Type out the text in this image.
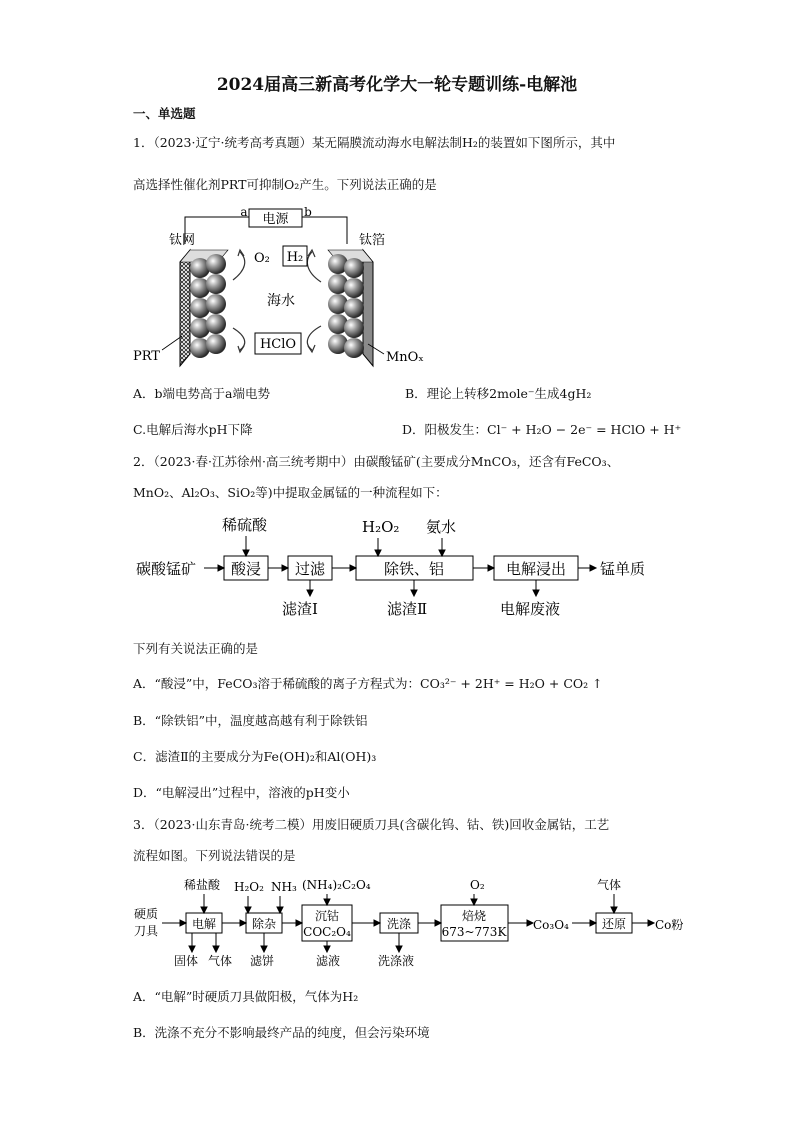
2024届高三新高考化学大一轮专题训练-电解池
一、单选题
1．（2023·辽宁·统考高考真题）某无隔膜流动海水电解法制H₂的装置如下图所示，其中
高选择性催化剂PRT可抑制O₂产生。下列说法正确的是
电源
a	b
钛网	钛箔
O₂ H₂
海水
HClO
PRT	MnOₓ
A．b端电势高于a端电势	B．理论上转移2mole⁻生成4gH₂
C.电解后海水pH下降	D．阳极发生：Cl⁻ + H₂O − 2e⁻ = HClO + H⁺
2．（2023·春·江苏徐州·高三统考期中）由碳酸锰矿(主要成分MnCO₃，还含有FeCO₃、
MnO₂、Al₂O₃、SiO₂等)中提取金属锰的一种流程如下：
稀硫酸	H₂O₂ 氨水
碳酸锰矿	锰单质
滤渣Ⅰ	滤渣Ⅱ	电解废液
酸浸 过滤	除铁、铝	电解浸出
下列有关说法正确的是
A．“酸浸”中，FeCO₃溶于稀硫酸的离子方程式为：CO₃²⁻ + 2H⁺ = H₂O + CO₂ ↑
B．“除铁铝”中，温度越高越有利于除铁铝
C．滤渣Ⅱ的主要成分为Fe(OH)₂和Al(OH)₃
D．“电解浸出”过程中，溶液的pH变小
3．（2023·山东青岛·统考二模）用废旧硬质刀具(含碳化钨、钴、铁)回收金属钴，工艺
流程如图。下列说法错误的是
稀盐酸 H₂O₂ NH₃ (NH₄)₂C₂O₄	O₂	气体
硬质
刀具	Co₃O₄	Co粉
固体 气体 滤饼	滤液	洗涤液
电解	除杂
沉钴
COC₂O₄
洗涤
焙烧
673~773K
还原
A．“电解”时硬质刀具做阳极，气体为H₂
B．洗涤不充分不影响最终产品的纯度，但会污染环境
